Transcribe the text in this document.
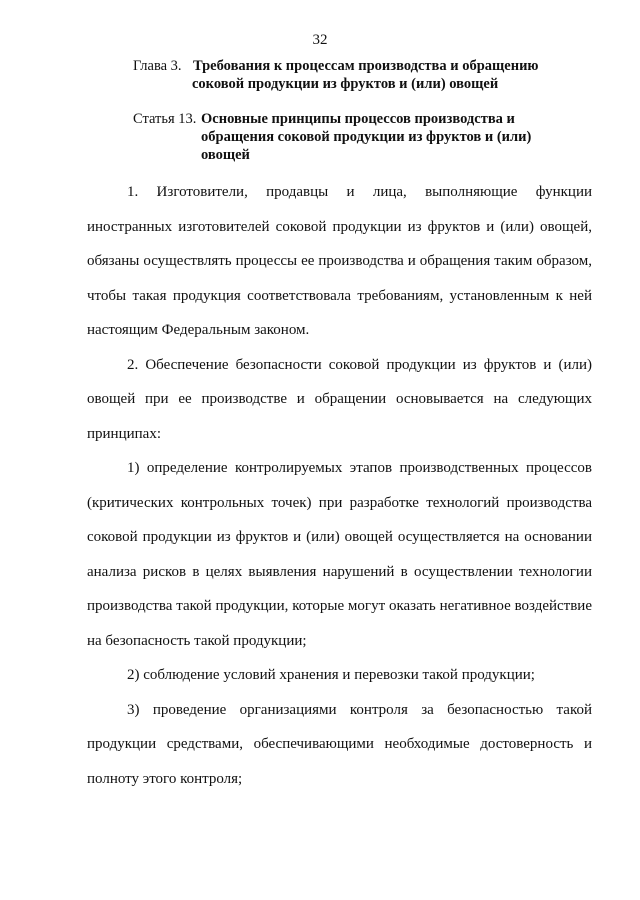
32
Глава 3. Требования к процессам производства и обращению
соковой продукции из фруктов и (или) овощей
Статья 13. Основные принципы процессов производства и
обращения соковой продукции из фруктов и (или)
овощей
1. Изготовители, продавцы и лица, выполняющие функции иностранных изготовителей соковой продукции из фруктов и (или) овощей, обязаны осуществлять процессы ее производства и обращения таким образом, чтобы такая продукция соответствовала требованиям, установленным к ней настоящим Федеральным законом.
2. Обеспечение безопасности соковой продукции из фруктов и (или) овощей при ее производстве и обращении основывается на следующих принципах:
1) определение контролируемых этапов производственных процессов (критических контрольных точек) при разработке технологий производства соковой продукции из фруктов и (или) овощей осуществляется на основании анализа рисков в целях выявления нарушений в осуществлении технологии производства такой продукции, которые могут оказать негативное воздействие на безопасность такой продукции;
2) соблюдение условий хранения и перевозки такой продукции;
3) проведение организациями контроля за безопасностью такой продукции средствами, обеспечивающими необходимые достоверность и полноту этого контроля;
